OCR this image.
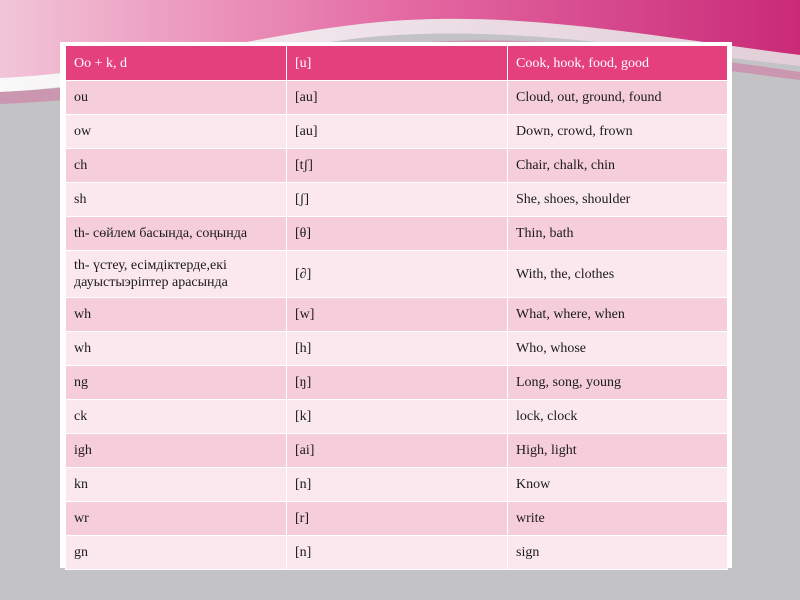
Oo + k, d	[u]	Cook, hook, food, good
ou	[au]	Cloud, out, ground, found
ow	[au]	Down, crowd, frown
ch	[tʃ]	Chair, chalk, chin
sh	[ʃ]	She, shoes, shoulder
th- сөйлем басында, соңында	[θ]	Thin, bath
th- үстеу, есімдіктерде,екі дауыстыэріптер арасында	[∂]	With, the, clothes
wh	[w]	What, where, when
wh	[h]	Who, whose
ng	[ŋ]	Long, song, young
ck	[k]	lock, clock
igh	[ai]	High, light
kn	[n]	Know
wr	[r]	write
gn	[n]	sign
